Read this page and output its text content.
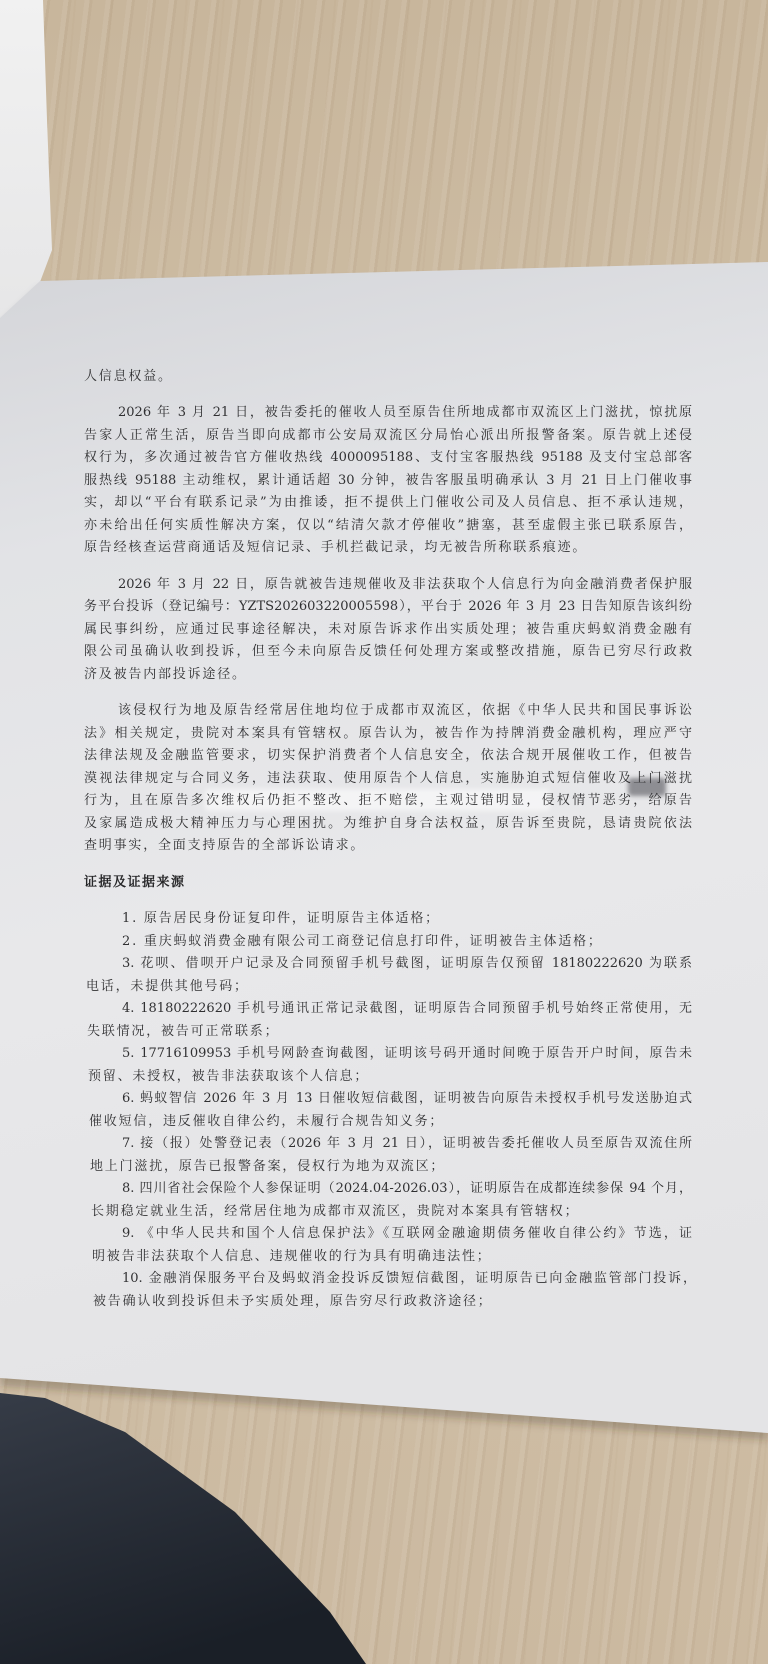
人信息权益。
2026 年 3 月 21 日，被告委托的催收人员至原告住所地成都市双流区上门滋扰，惊扰原
告家人正常生活，原告当即向成都市公安局双流区分局怡心派出所报警备案。原告就上述侵
权行为，多次通过被告官方催收热线 4000095188、支付宝客服热线 95188 及支付宝总部客
服热线 95188 主动维权，累计通话超 30 分钟，被告客服虽明确承认 3 月 21 日上门催收事
实，却以“平台有联系记录”为由推诿，拒不提供上门催收公司及人员信息、拒不承认违规，
亦未给出任何实质性解决方案，仅以“结清欠款才停催收”搪塞，甚至虚假主张已联系原告，
原告经核查运营商通话及短信记录、手机拦截记录，均无被告所称联系痕迹。
2026 年 3 月 22 日，原告就被告违规催收及非法获取个人信息行为向金融消费者保护服
务平台投诉（登记编号：YZTS202603220005598），平台于 2026 年 3 月 23 日告知原告该纠纷
属民事纠纷，应通过民事途径解决，未对原告诉求作出实质处理；被告重庆蚂蚁消费金融有
限公司虽确认收到投诉，但至今未向原告反馈任何处理方案或整改措施，原告已穷尽行政救
济及被告内部投诉途径。
该侵权行为地及原告经常居住地均位于成都市双流区，依据《中华人民共和国民事诉讼
法》相关规定，贵院对本案具有管辖权。原告认为，被告作为持牌消费金融机构，理应严守
法律法规及金融监管要求，切实保护消费者个人信息安全，依法合规开展催收工作，但被告
漠视法律规定与合同义务，违法获取、使用原告个人信息，实施胁迫式短信催收及上门滋扰
行为，且在原告多次维权后仍拒不整改、拒不赔偿，主观过错明显，侵权情节恶劣，给原告
及家属造成极大精神压力与心理困扰。为维护自身合法权益，原告诉至贵院，恳请贵院依法
查明事实，全面支持原告的全部诉讼请求。
证据及证据来源
1. 原告居民身份证复印件，证明原告主体适格；
2. 重庆蚂蚁消费金融有限公司工商登记信息打印件，证明被告主体适格；
3. 花呗、借呗开户记录及合同预留手机号截图，证明原告仅预留 18180222620 为联系
电话，未提供其他号码；
4. 18180222620 手机号通讯正常记录截图，证明原告合同预留手机号始终正常使用，无
失联情况，被告可正常联系；
5. 17716109953 手机号网龄查询截图，证明该号码开通时间晚于原告开户时间，原告未
预留、未授权，被告非法获取该个人信息；
6. 蚂蚁智信 2026 年 3 月 13 日催收短信截图，证明被告向原告未授权手机号发送胁迫式
催收短信，违反催收自律公约，未履行合规告知义务；
7. 接（报）处警登记表（2026 年 3 月 21 日），证明被告委托催收人员至原告双流住所
地上门滋扰，原告已报警备案，侵权行为地为双流区；
8. 四川省社会保险个人参保证明（2024.04-2026.03），证明原告在成都连续参保 94 个月，
长期稳定就业生活，经常居住地为成都市双流区，贵院对本案具有管辖权；
9. 《中华人民共和国个人信息保护法》《互联网金融逾期债务催收自律公约》节选，证
明被告非法获取个人信息、违规催收的行为具有明确违法性；
10. 金融消保服务平台及蚂蚁消金投诉反馈短信截图，证明原告已向金融监管部门投诉，
被告确认收到投诉但未予实质处理，原告穷尽行政救济途径；
